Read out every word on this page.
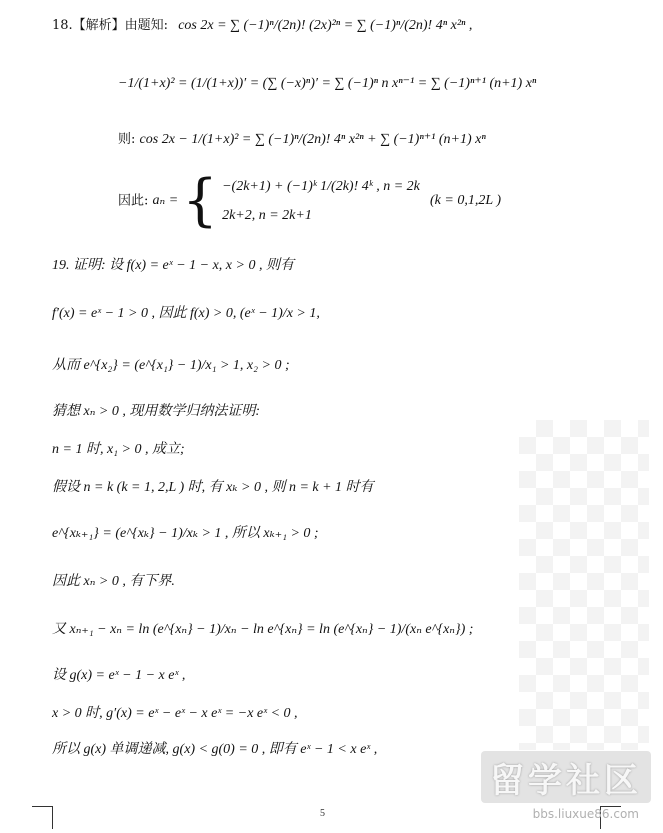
18.【解析】由题知: cos 2x = ∑ (−1)ⁿ/(2n)! (2x)²ⁿ = ∑ (−1)ⁿ/(2n)! 4ⁿ x²ⁿ ,
−1/(1+x)² = (1/(1+x))′ = (∑ (−x)ⁿ)′ = ∑ (−1)ⁿ n xⁿ⁻¹ = ∑ (−1)ⁿ⁺¹ (n+1) xⁿ
则: cos 2x − 1/(1+x)² = ∑ (−1)ⁿ/(2n)! 4ⁿ x²ⁿ + ∑ (−1)ⁿ⁺¹ (n+1) xⁿ
因此: aₙ = { −(2k+1) + (−1)ᵏ 1/(2k)! 4ᵏ , n = 2k
2k+2, n = 2k+1 (k = 0,1,2L )
19. 证明: 设 f(x) = eˣ − 1 − x, x > 0 , 则有
f′(x) = eˣ − 1 > 0 , 因此 f(x) > 0, (eˣ − 1)/x > 1,
从而 e^{x₂} = (e^{x₁} − 1)/x₁ > 1, x₂ > 0 ;
猜想 xₙ > 0 , 现用数学归纳法证明:
n = 1 时, x₁ > 0 , 成立;
假设 n = k (k = 1, 2,L ) 时, 有 xₖ > 0 , 则 n = k + 1 时有
e^{xₖ₊₁} = (e^{xₖ} − 1)/xₖ > 1 , 所以 xₖ₊₁ > 0 ;
因此 xₙ > 0 , 有下界.
又 xₙ₊₁ − xₙ = ln (e^{xₙ} − 1)/xₙ − ln e^{xₙ} = ln (e^{xₙ} − 1)/(xₙ e^{xₙ}) ;
设 g(x) = eˣ − 1 − x eˣ ,
x > 0 时, g′(x) = eˣ − eˣ − x eˣ = −x eˣ < 0 ,
所以 g(x) 单调递减, g(x) < g(0) = 0 , 即有 eˣ − 1 < x eˣ ,
5
留学社区
bbs.liuxue86.com
